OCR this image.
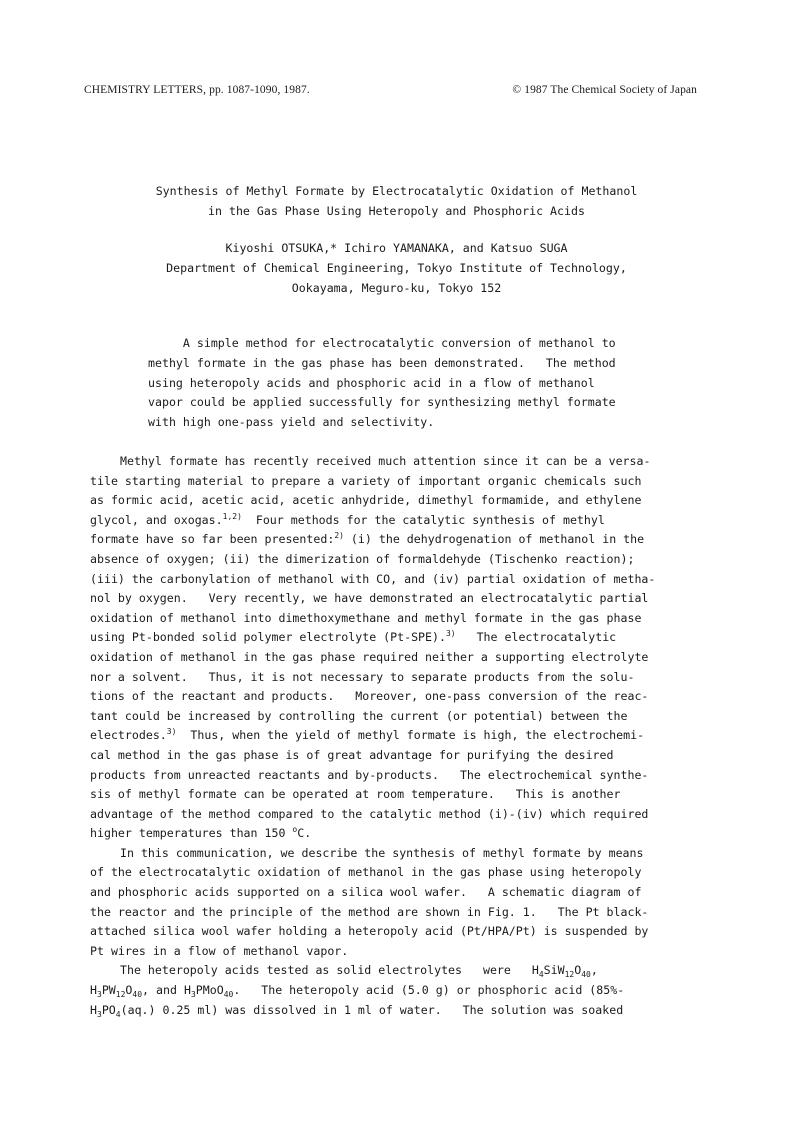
CHEMISTRY LETTERS, pp. 1087-1090, 1987.	© 1987 The Chemical Society of Japan
Synthesis of Methyl Formate by Electrocatalytic Oxidation of Methanol
in the Gas Phase Using Heteropoly and Phosphoric Acids
Kiyoshi OTSUKA,* Ichiro YAMANAKA, and Katsuo SUGA
Department of Chemical Engineering, Tokyo Institute of Technology,
Ookayama, Meguro-ku, Tokyo 152
A simple method for electrocatalytic conversion of methanol to
methyl formate in the gas phase has been demonstrated.   The method
using heteropoly acids and phosphoric acid in a flow of methanol
vapor could be applied successfully for synthesizing methyl formate
with high one-pass yield and selectivity.
Methyl formate has recently received much attention since it can be a versa-
tile starting material to prepare a variety of important organic chemicals such
as formic acid, acetic acid, acetic anhydride, dimethyl formamide, and ethylene
glycol, and oxogas.$^{1,2)}$  Four methods for the catalytic synthesis of methyl
formate have so far been presented:$^{2)}$ (i) the dehydrogenation of methanol in the
absence of oxygen; (ii) the dimerization of formaldehyde (Tischenko reaction);
(iii) the carbonylation of methanol with CO, and (iv) partial oxidation of metha-
nol by oxygen.   Very recently, we have demonstrated an electrocatalytic partial
oxidation of methanol into dimethoxymethane and methyl formate in the gas phase
using Pt-bonded solid polymer electrolyte (Pt-SPE).$^{3)}$   The electrocatalytic
oxidation of methanol in the gas phase required neither a supporting electrolyte
nor a solvent.   Thus, it is not necessary to separate products from the solu-
tions of the reactant and products.   Moreover, one-pass conversion of the reac-
tant could be increased by controlling the current (or potential) between the
electrodes.$^{3)}$  Thus, when the yield of methyl formate is high, the electrochemi-
cal method in the gas phase is of great advantage for purifying the desired
products from unreacted reactants and by-products.   The electrochemical synthe-
sis of methyl formate can be operated at room temperature.   This is another
advantage of the method compared to the catalytic method (i)-(iv) which required
higher temperatures than 150 $^o$C.
In this communication, we describe the synthesis of methyl formate by means
of the electrocatalytic oxidation of methanol in the gas phase using heteropoly
and phosphoric acids supported on a silica wool wafer.   A schematic diagram of
the reactor and the principle of the method are shown in Fig. 1.   The Pt black-
attached silica wool wafer holding a heteropoly acid (Pt/HPA/Pt) is suspended by
Pt wires in a flow of methanol vapor.
The heteropoly acids tested as solid electrolytes   were $H_4SiW_{12}O_{40}$,
$H_3PW_{12}O_{40}$, and $H_3PMoO_{40}$.   The heteropoly acid (5.0 g) or phosphoric acid (85%-
$H_3PO_4(aq.)$ 0.25 ml) was dissolved in 1 ml of water.   The solution was soaked
